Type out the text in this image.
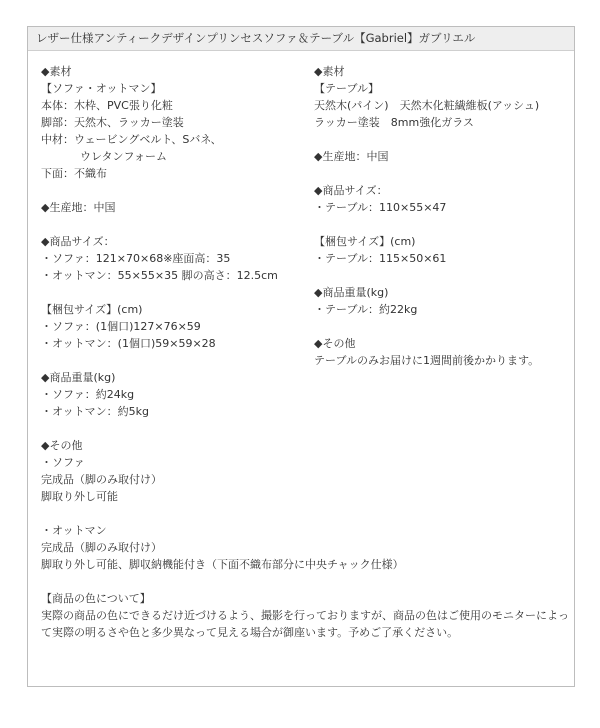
レザー仕様アンティークデザインプリンセスソファ＆テーブル【Gabriel】ガブリエル
◆素材
【ソファ・オットマン】
本体：木枠、PVC張り化粧
脚部：天然木、ラッカー塗装
中材：ウェービングベルト、Sバネ、
ウレタンフォーム
下面：不織布
◆生産地：中国
◆商品サイズ：
・ソファ：121×70×68※座面高：35
・オットマン：55×55×35 脚の高さ：12.5cm
【梱包サイズ】(cm)
・ソファ：(1個口)127×76×59
・オットマン：(1個口)59×59×28
◆商品重量(kg)
・ソファ：約24kg
・オットマン：約5kg
◆その他
・ソファ
完成品（脚のみ取付け）
脚取り外し可能
・オットマン
完成品（脚のみ取付け）
脚取り外し可能、脚収納機能付き（下面不織布部分に中央チャック仕様）
【商品の色について】
実際の商品の色にできるだけ近づけるよう、撮影を行っておりますが、商品の色はご使用のモニターによって実際の明るさや色と多少異なって見える場合が御座います。予めご了承ください。
◆素材
【テーブル】
天然木(パイン)　天然木化粧繊維板(アッシュ)
ラッカー塗装　8mm強化ガラス
◆生産地：中国
◆商品サイズ：
・テーブル：110×55×47
【梱包サイズ】(cm)
・テーブル：115×50×61
◆商品重量(kg)
・テーブル：約22kg
◆その他
テーブルのみお届けに1週間前後かかります。
